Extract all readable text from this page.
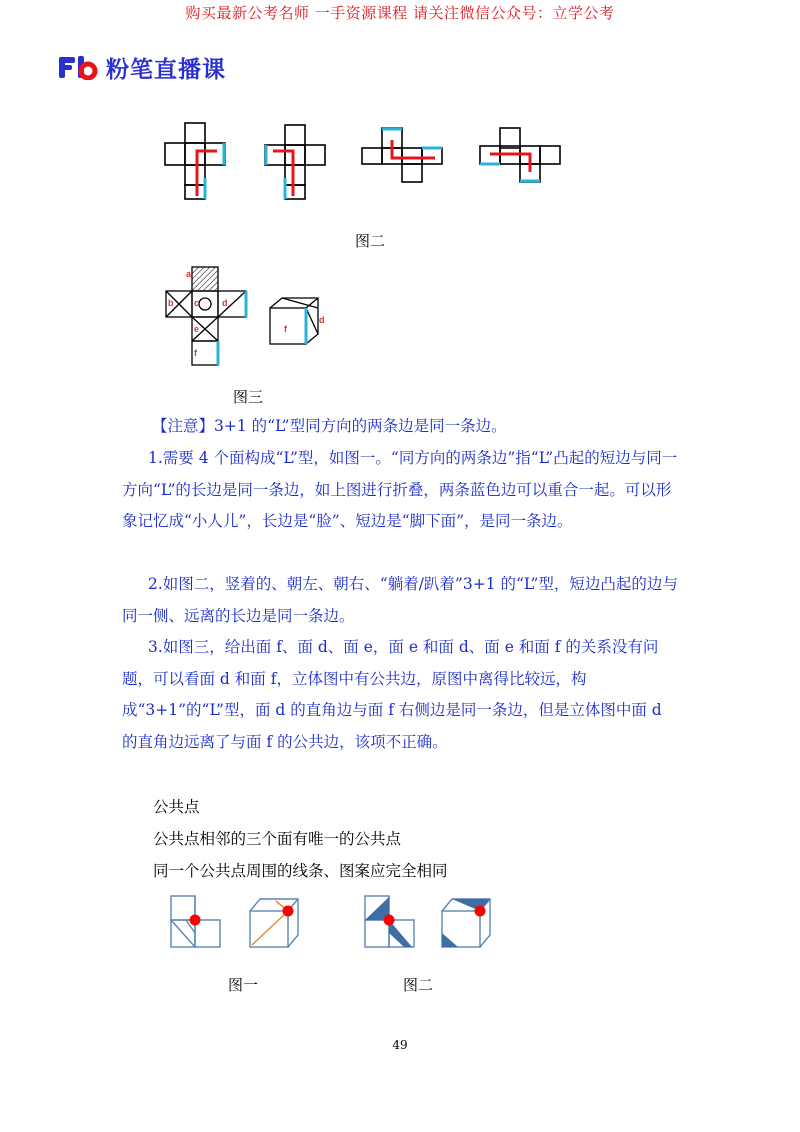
购买最新公考名师 一手资源课程 请关注微信公众号：立学公考
粉笔直播课
图二
a
b c	d
e
f
f
d
图三
【注意】3+1 的“L”型同方向的两条边是同一条边。
1.需要 4 个面构成“L”型，如图一。“同方向的两条边”指“L”凸起的短边与同一方向“L”的长边是同一条边，如上图进行折叠，两条蓝色边可以重合一起。可以形象记忆成“小人儿”，长边是“脸”、短边是“脚下面”，是同一条边。
2.如图二，竖着的、朝左、朝右、“躺着/趴着”3+1 的“L”型，短边凸起的边与同一侧、远离的长边是同一条边。
3.如图三，给出面 f、面 d、面 e，面 e 和面 d、面 e 和面 f 的关系没有问题，可以看面 d 和面 f，立体图中有公共边，原图中离得比较远，构成“3+1”的“L”型，面 d 的直角边与面 f 右侧边是同一条边，但是立体图中面 d 的直角边远离了与面 f 的公共边，该项不正确。
公共点
公共点相邻的三个面有唯一的公共点
同一个公共点周围的线条、图案应完全相同
图一	图二
49
